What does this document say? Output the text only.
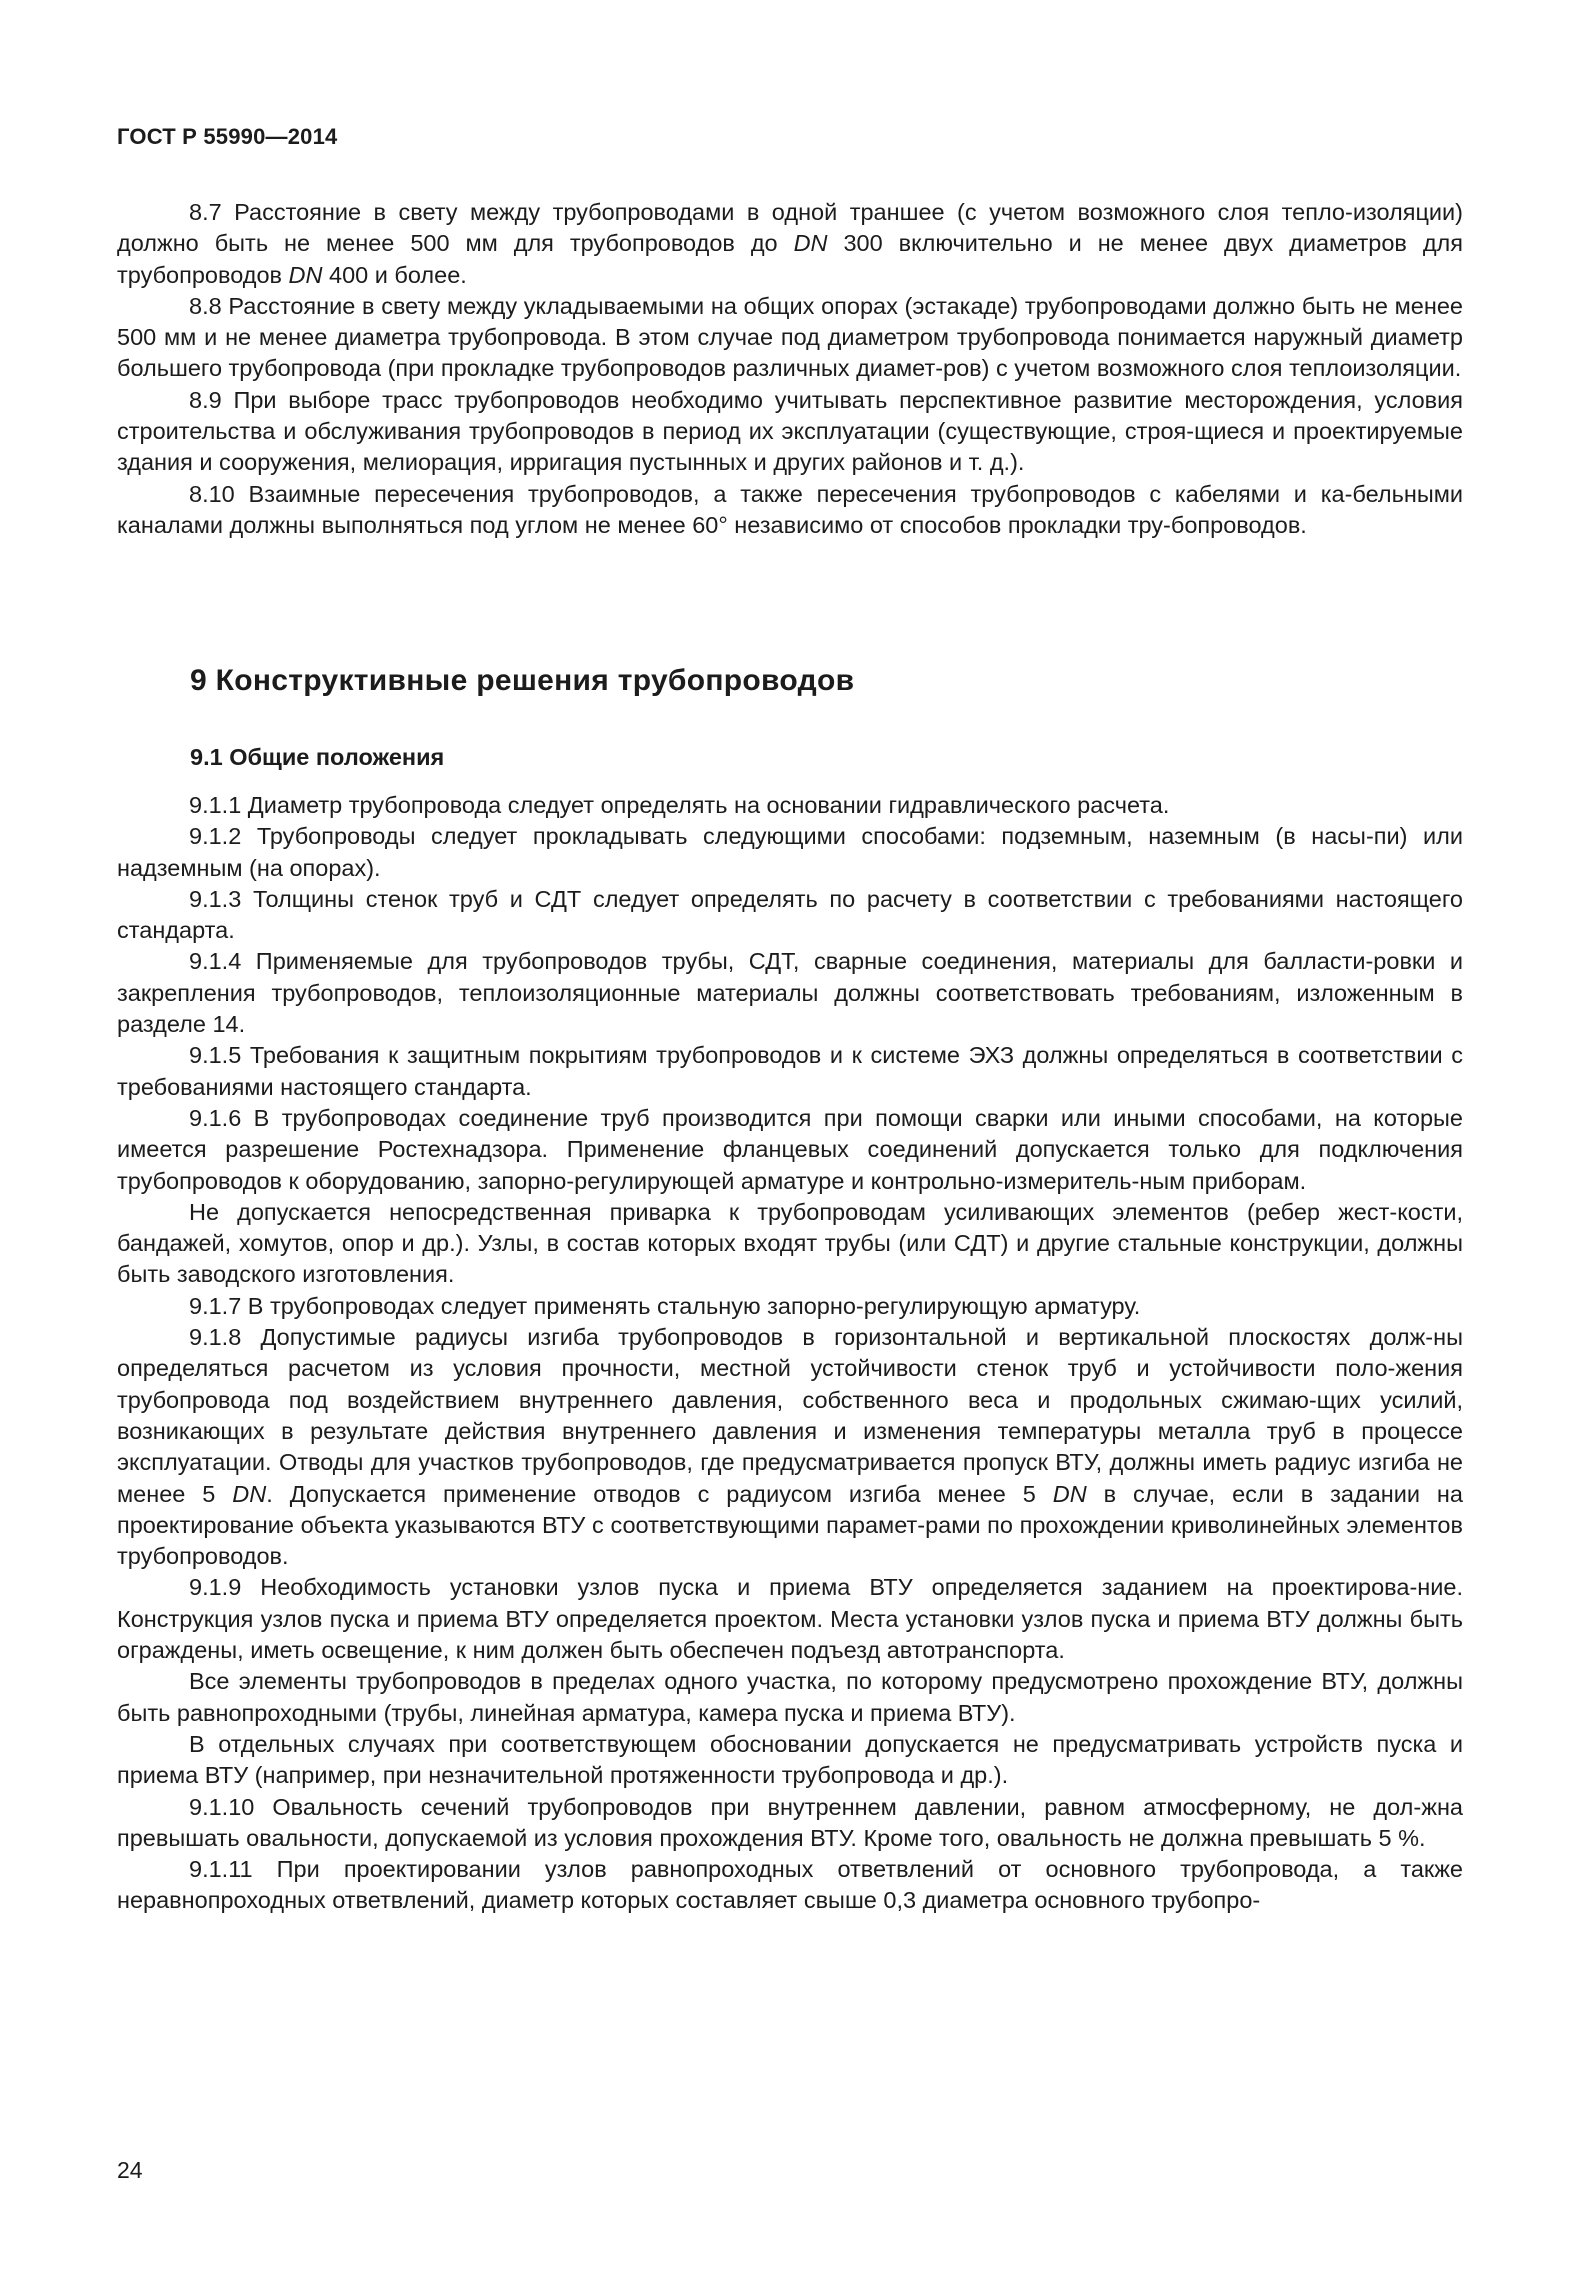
ГОСТ Р 55990—2014

8.7 Расстояние в свету между трубопроводами в одной траншее (с учетом возможного слоя тепло-изоляции) должно быть не менее 500 мм для трубопроводов до DN 300 включительно и не менее двух диаметров для трубопроводов DN 400 и более.

8.8 Расстояние в свету между укладываемыми на общих опорах (эстакаде) трубопроводами должно быть не менее 500 мм и не менее диаметра трубопровода. В этом случае под диаметром трубопровода понимается наружный диаметр большего трубопровода (при прокладке трубопроводов различных диамет-ров) с учетом возможного слоя теплоизоляции.

8.9 При выборе трасс трубопроводов необходимо учитывать перспективное развитие месторождения, условия строительства и обслуживания трубопроводов в период их эксплуатации (существующие, строя-щиеся и проектируемые здания и сооружения, мелиорация, ирригация пустынных и других районов и т. д.).

8.10 Взаимные пересечения трубопроводов, а также пересечения трубопроводов с кабелями и ка-бельными каналами должны выполняться под углом не менее 60° независимо от способов прокладки тру-бопроводов.

9 Конструктивные решения трубопроводов
9.1 Общие положения

9.1.1 Диаметр трубопровода следует определять на основании гидравлического расчета.

9.1.2 Трубопроводы следует прокладывать следующими способами: подземным, наземным (в насы-пи) или надземным (на опорах).

9.1.3 Толщины стенок труб и СДТ следует определять по расчету в соответствии с требованиями настоящего стандарта.

9.1.4 Применяемые для трубопроводов трубы, СДТ, сварные соединения, материалы для балласти-ровки и закрепления трубопроводов, теплоизоляционные материалы должны соответствовать требованиям, изложенным в разделе 14.

9.1.5 Требования к защитным покрытиям трубопроводов и к системе ЭХЗ должны определяться в соответствии с требованиями настоящего стандарта.

9.1.6 В трубопроводах соединение труб производится при помощи сварки или иными способами, на которые имеется разрешение Ростехнадзора. Применение фланцевых соединений допускается только для подключения трубопроводов к оборудованию, запорно-регулирующей арматуре и контрольно-измеритель-ным приборам.

Не допускается непосредственная приварка к трубопроводам усиливающих элементов (ребер жест-кости, бандажей, хомутов, опор и др.). Узлы, в состав которых входят трубы (или СДТ) и другие стальные конструкции, должны быть заводского изготовления.

9.1.7 В трубопроводах следует применять стальную запорно-регулирующую арматуру.

9.1.8 Допустимые радиусы изгиба трубопроводов в горизонтальной и вертикальной плоскостях долж-ны определяться расчетом из условия прочности, местной устойчивости стенок труб и устойчивости поло-жения трубопровода под воздействием внутреннего давления, собственного веса и продольных сжимаю-щих усилий, возникающих в результате действия внутреннего давления и изменения температуры металла труб в процессе эксплуатации. Отводы для участков трубопроводов, где предусматривается пропуск ВТУ, должны иметь радиус изгиба не менее 5 DN. Допускается применение отводов с радиусом изгиба менее 5 DN в случае, если в задании на проектирование объекта указываются ВТУ с соответствующими парамет-рами по прохождении криволинейных элементов трубопроводов.

9.1.9 Необходимость установки узлов пуска и приема ВТУ определяется заданием на проектирова-ние. Конструкция узлов пуска и приема ВТУ определяется проектом. Места установки узлов пуска и приема ВТУ должны быть ограждены, иметь освещение, к ним должен быть обеспечен подъезд автотранспорта.

Все элементы трубопроводов в пределах одного участка, по которому предусмотрено прохождение ВТУ, должны быть равнопроходными (трубы, линейная арматура, камера пуска и приема ВТУ).

В отдельных случаях при соответствующем обосновании допускается не предусматривать устройств пуска и приема ВТУ (например, при незначительной протяженности трубопровода и др.).

9.1.10 Овальность сечений трубопроводов при внутреннем давлении, равном атмосферному, не дол-жна превышать овальности, допускаемой из условия прохождения ВТУ. Кроме того, овальность не должна превышать 5 %.

9.1.11 При проектировании узлов равнопроходных ответвлений от основного трубопровода, а также неравнопроходных ответвлений, диаметр которых составляет свыше 0,3 диаметра основного трубопро-

24
